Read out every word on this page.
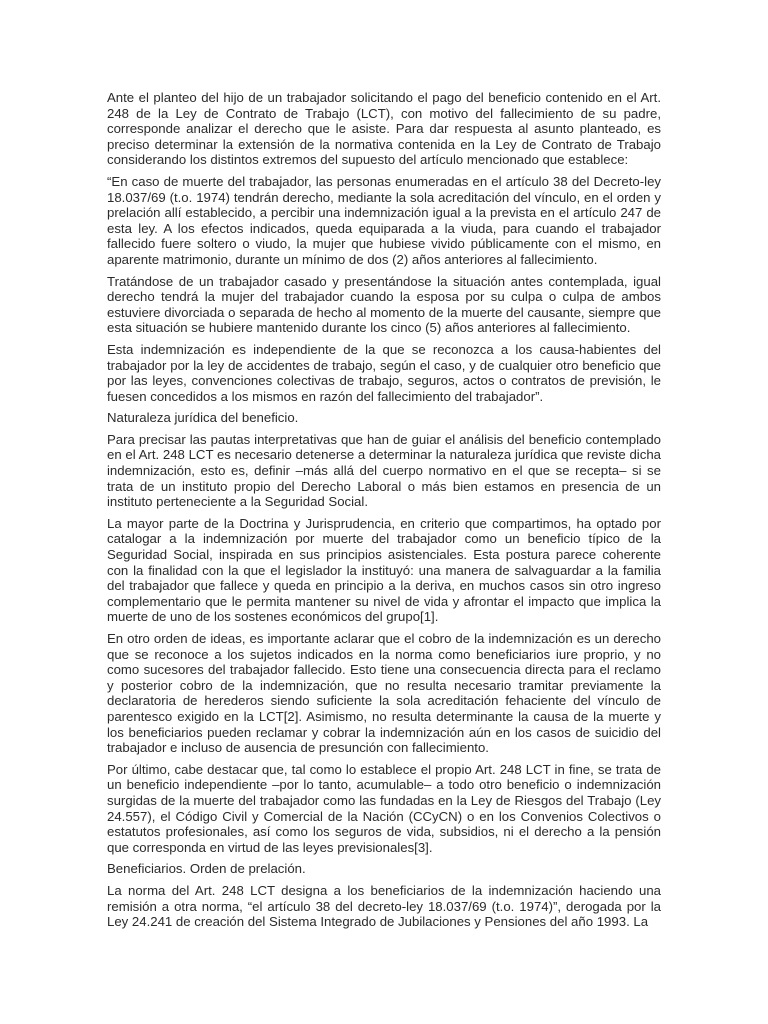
Ante el planteo del hijo de un trabajador solicitando el pago del beneficio contenido en el Art. 248 de la Ley de Contrato de Trabajo (LCT), con motivo del fallecimiento de su padre, corresponde analizar el derecho que le asiste. Para dar respuesta al asunto planteado, es preciso determinar la extensión de la normativa contenida en la Ley de Contrato de Trabajo considerando los distintos extremos del supuesto del artículo mencionado que establece:

“En caso de muerte del trabajador, las personas enumeradas en el artículo 38 del Decreto-ley 18.037/69 (t.o. 1974) tendrán derecho, mediante la sola acreditación del vínculo, en el orden y prelación allí establecido, a percibir una indemnización igual a la prevista en el artículo 247 de esta ley. A los efectos indicados, queda equiparada a la viuda, para cuando el trabajador fallecido fuere soltero o viudo, la mujer que hubiese vivido públicamente con el mismo, en aparente matrimonio, durante un mínimo de dos (2) años anteriores al fallecimiento.

Tratándose de un trabajador casado y presentándose la situación antes contemplada, igual derecho tendrá la mujer del trabajador cuando la esposa por su culpa o culpa de ambos estuviere divorciada o separada de hecho al momento de la muerte del causante, siempre que esta situación se hubiere mantenido durante los cinco (5) años anteriores al fallecimiento.

Esta indemnización es independiente de la que se reconozca a los causa-habientes del trabajador por la ley de accidentes de trabajo, según el caso, y de cualquier otro beneficio que por las leyes, convenciones colectivas de trabajo, seguros, actos o contratos de previsión, le fuesen concedidos a los mismos en razón del fallecimiento del trabajador”.

Naturaleza jurídica del beneficio.

Para precisar las pautas interpretativas que han de guiar el análisis del beneficio contemplado en el Art. 248 LCT es necesario detenerse a determinar la naturaleza jurídica que reviste dicha indemnización, esto es, definir –más allá del cuerpo normativo en el que se recepta– si se trata de un instituto propio del Derecho Laboral o más bien estamos en presencia de un instituto perteneciente a la Seguridad Social.

La mayor parte de la Doctrina y Jurisprudencia, en criterio que compartimos, ha optado por catalogar a la indemnización por muerte del trabajador como un beneficio típico de la Seguridad Social, inspirada en sus principios asistenciales. Esta postura parece coherente con la finalidad con la que el legislador la instituyó: una manera de salvaguardar a la familia del trabajador que fallece y queda en principio a la deriva, en muchos casos sin otro ingreso complementario que le permita mantener su nivel de vida y afrontar el impacto que implica la muerte de uno de los sostenes económicos del grupo[1].

En otro orden de ideas, es importante aclarar que el cobro de la indemnización es un derecho que se reconoce a los sujetos indicados en la norma como beneficiarios iure proprio, y no como sucesores del trabajador fallecido. Esto tiene una consecuencia directa para el reclamo y posterior cobro de la indemnización, que no resulta necesario tramitar previamente la declaratoria de herederos siendo suficiente la sola acreditación fehaciente del vínculo de parentesco exigido en la LCT[2]. Asimismo, no resulta determinante la causa de la muerte y los beneficiarios pueden reclamar y cobrar la indemnización aún en los casos de suicidio del trabajador e incluso de ausencia de presunción con fallecimiento.

Por último, cabe destacar que, tal como lo establece el propio Art. 248 LCT in fine, se trata de un beneficio independiente –por lo tanto, acumulable– a todo otro beneficio o indemnización surgidas de la muerte del trabajador como las fundadas en la Ley de Riesgos del Trabajo (Ley 24.557), el Código Civil y Comercial de la Nación (CCyCN) o en los Convenios Colectivos o estatutos profesionales, así como los seguros de vida, subsidios, ni el derecho a la pensión que corresponda en virtud de las leyes previsionales[3].

Beneficiarios. Orden de prelación.

La norma del Art. 248 LCT designa a los beneficiarios de la indemnización haciendo una remisión a otra norma, “el artículo 38 del decreto-ley 18.037/69 (t.o. 1974)”, derogada por la Ley 24.241 de creación del Sistema Integrado de Jubilaciones y Pensiones del año 1993. La
